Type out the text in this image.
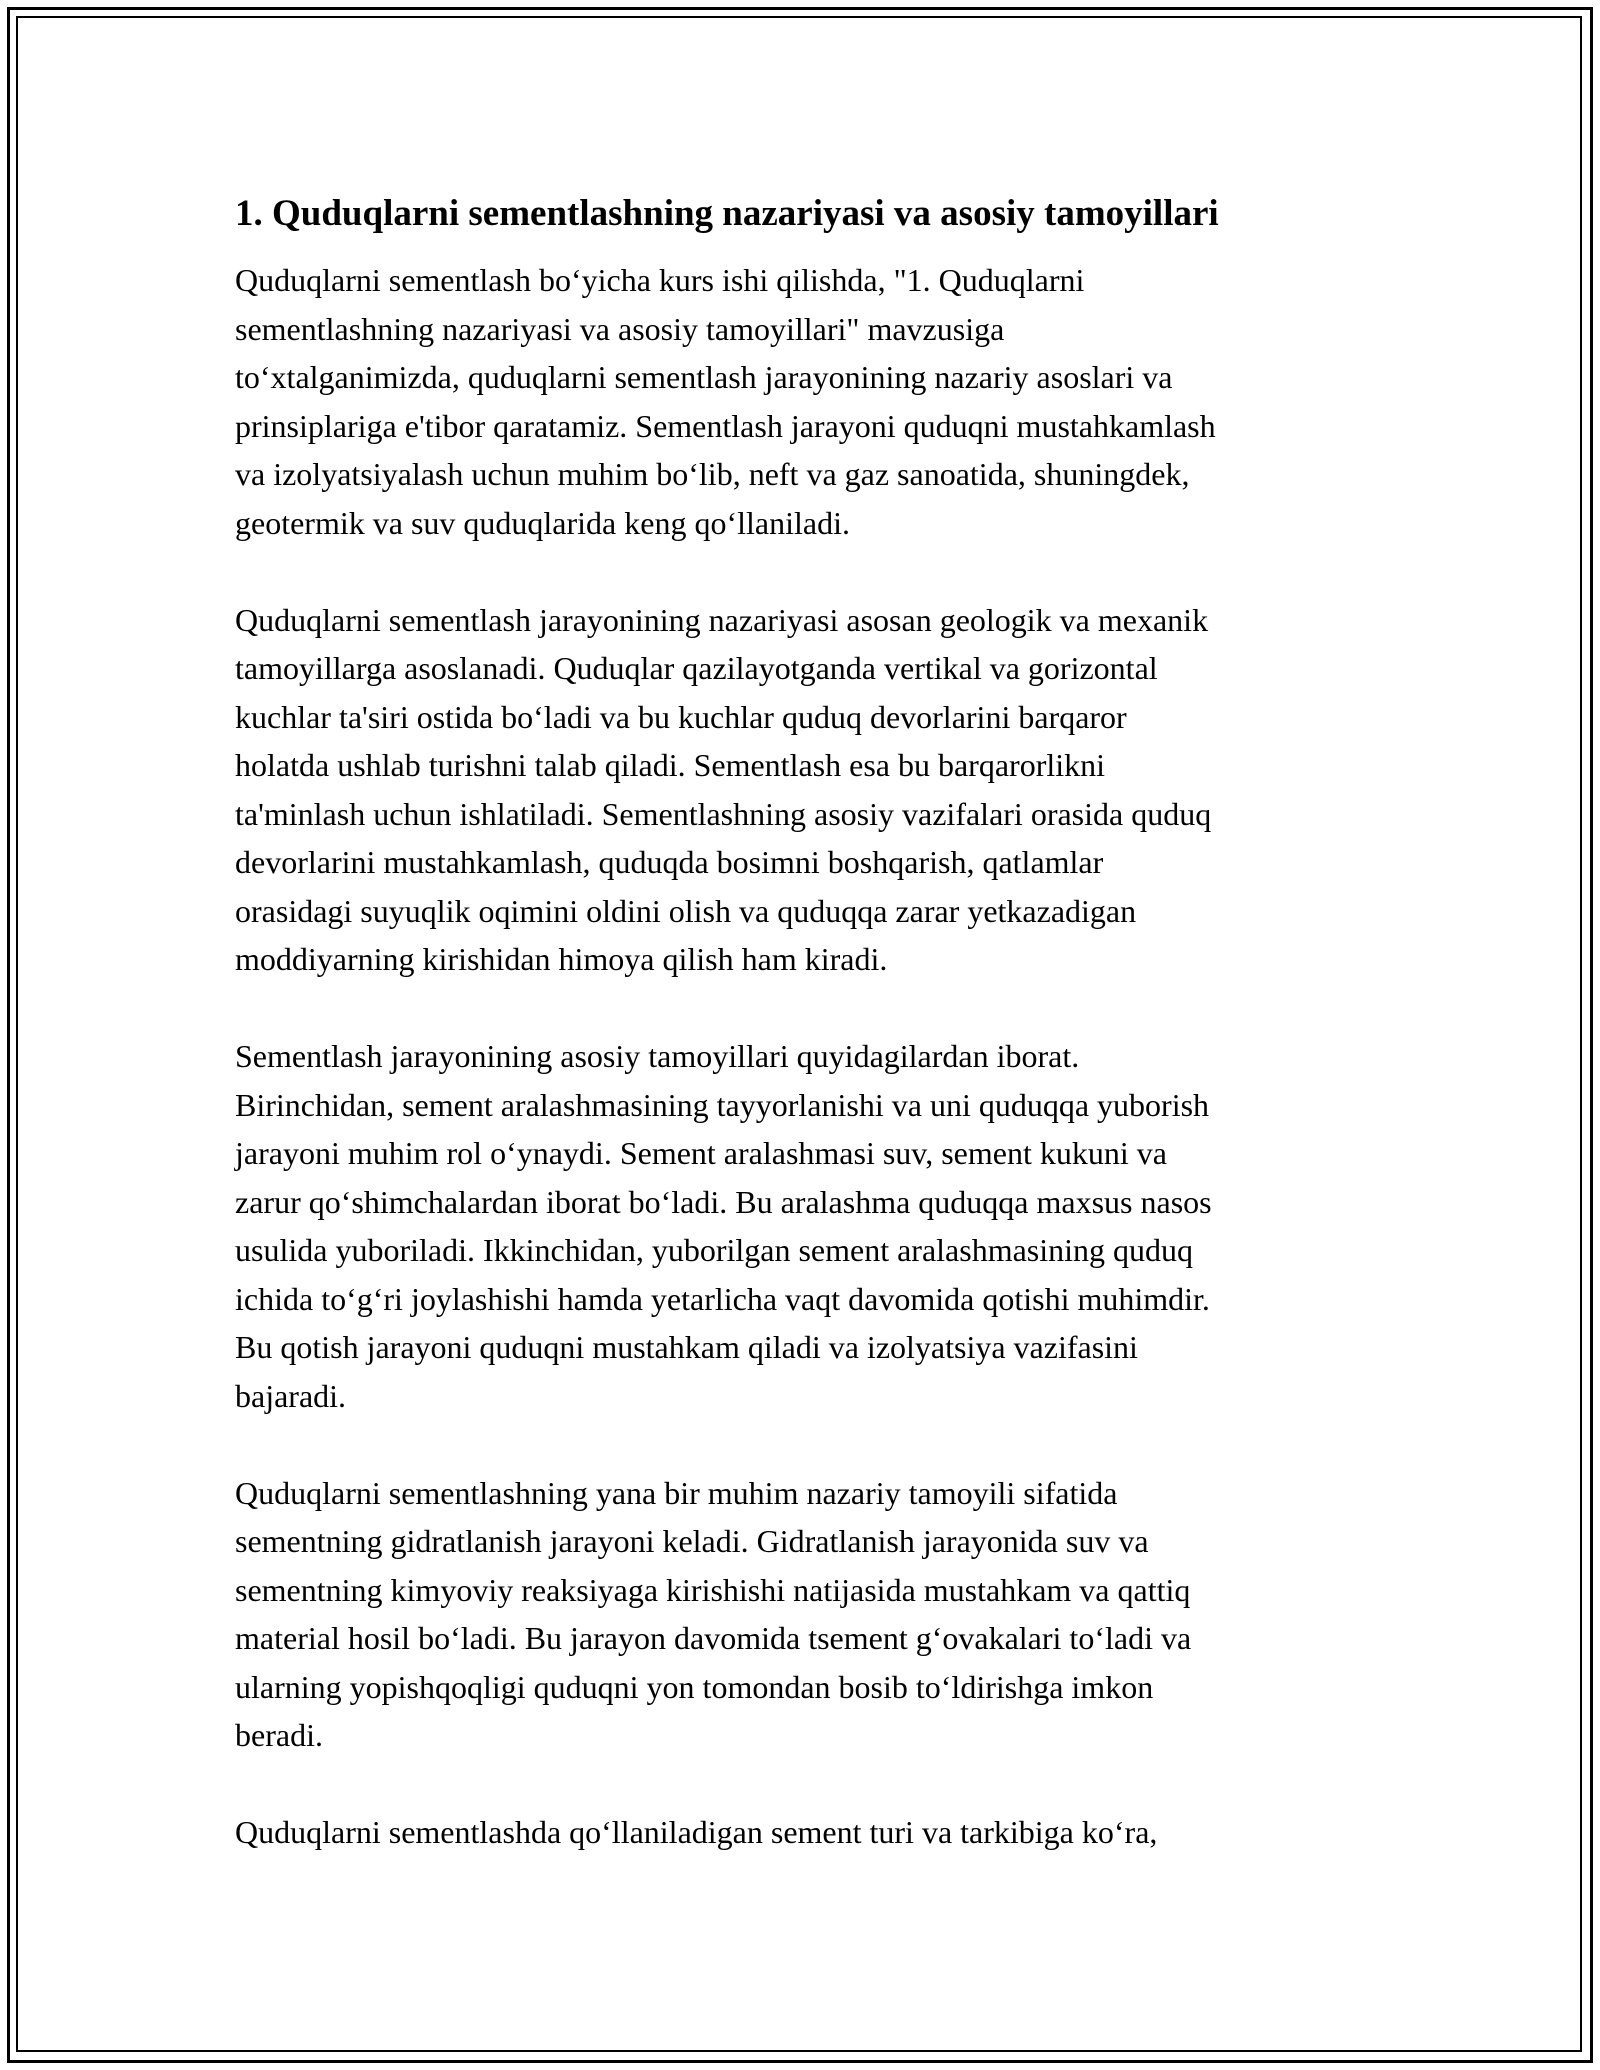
1. Quduqlarni sementlashning nazariyasi va asosiy tamoyillari

Quduqlarni sementlash bo‘yicha kurs ishi qilishda, "1. Quduqlarni
sementlashning nazariyasi va asosiy tamoyillari" mavzusiga
to‘xtalganimizda, quduqlarni sementlash jarayonining nazariy asoslari va
prinsiplariga e'tibor qaratamiz. Sementlash jarayoni quduqni mustahkamlash
va izolyatsiyalash uchun muhim bo‘lib, neft va gaz sanoatida, shuningdek,
geotermik va suv quduqlarida keng qo‘llaniladi.

Quduqlarni sementlash jarayonining nazariyasi asosan geologik va mexanik
tamoyillarga asoslanadi. Quduqlar qazilayotganda vertikal va gorizontal
kuchlar ta'siri ostida bo‘ladi va bu kuchlar quduq devorlarini barqaror
holatda ushlab turishni talab qiladi. Sementlash esa bu barqarorlikni
ta'minlash uchun ishlatiladi. Sementlashning asosiy vazifalari orasida quduq
devorlarini mustahkamlash, quduqda bosimni boshqarish, qatlamlar
orasidagi suyuqlik oqimini oldini olish va quduqqa zarar yetkazadigan
moddiyarning kirishidan himoya qilish ham kiradi.

Sementlash jarayonining asosiy tamoyillari quyidagilardan iborat.
Birinchidan, sement aralashmasining tayyorlanishi va uni quduqqa yuborish
jarayoni muhim rol o‘ynaydi. Sement aralashmasi suv, sement kukuni va
zarur qo‘shimchalardan iborat bo‘ladi. Bu aralashma quduqqa maxsus nasos
usulida yuboriladi. Ikkinchidan, yuborilgan sement aralashmasining quduq
ichida to‘g‘ri joylashishi hamda yetarlicha vaqt davomida qotishi muhimdir.
Bu qotish jarayoni quduqni mustahkam qiladi va izolyatsiya vazifasini
bajaradi.

Quduqlarni sementlashning yana bir muhim nazariy tamoyili sifatida
sementning gidratlanish jarayoni keladi. Gidratlanish jarayonida suv va
sementning kimyoviy reaksiyaga kirishishi natijasida mustahkam va qattiq
material hosil bo‘ladi. Bu jarayon davomida tsement g‘ovakalari to‘ladi va
ularning yopishqoqligi quduqni yon tomondan bosib to‘ldirishga imkon
beradi.

Quduqlarni sementlashda qo‘llaniladigan sement turi va tarkibiga ko‘ra,
